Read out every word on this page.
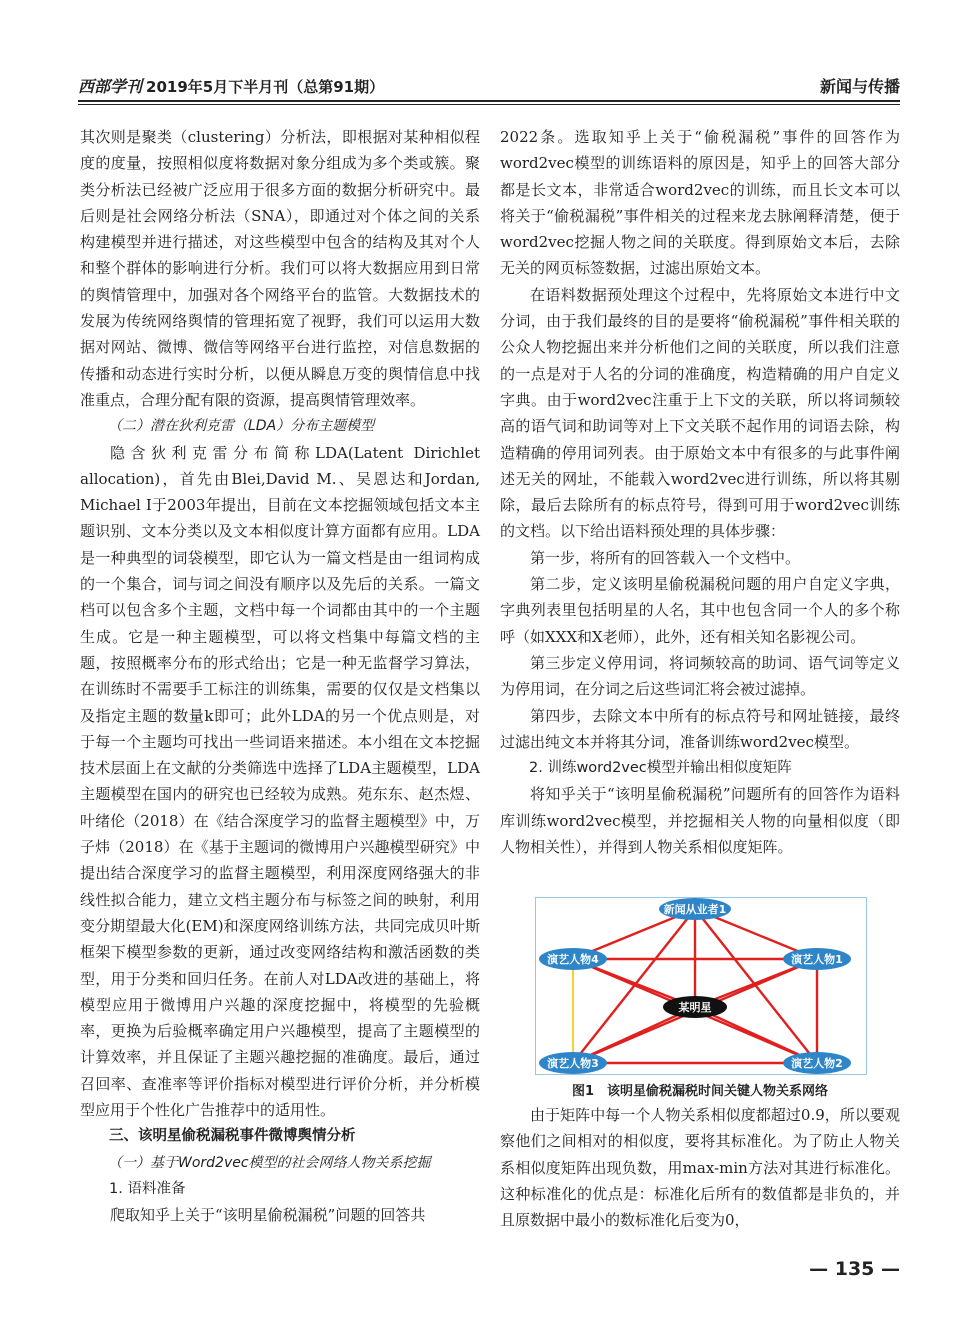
西部学刊 2019年5月下半月刊（总第91期）	新闻与传播

其次则是聚类（clustering）分析法，即根据对某种相似程度的度量，按照相似度将数据对象分组成为多个类或簇。聚类分析法已经被广泛应用于很多方面的数据分析研究中。最后则是社会网络分析法（SNA），即通过对个体之间的关系构建模型并进行描述，对这些模型中包含的结构及其对个人和整个群体的影响进行分析。我们可以将大数据应用到日常的舆情管理中，加强对各个网络平台的监管。大数据技术的发展为传统网络舆情的管理拓宽了视野，我们可以运用大数据对网站、微博、微信等网络平台进行监控，对信息数据的传播和动态进行实时分析，以便从瞬息万变的舆情信息中找准重点，合理分配有限的资源，提高舆情管理效率。

（二）潜在狄利克雷（LDA）分布主题模型

隐含狄利克雷分布简称LDA(Latent Dirichlet allocation)，首先由Blei,David M.、吴恩达和Jordan, Michael I于2003年提出，目前在文本挖掘领域包括文本主题识别、文本分类以及文本相似度计算方面都有应用。LDA是一种典型的词袋模型，即它认为一篇文档是由一组词构成的一个集合，词与词之间没有顺序以及先后的关系。一篇文档可以包含多个主题，文档中每一个词都由其中的一个主题生成。它是一种主题模型，可以将文档集中每篇文档的主题，按照概率分布的形式给出；它是一种无监督学习算法，在训练时不需要手工标注的训练集，需要的仅仅是文档集以及指定主题的数量k即可；此外LDA的另一个优点则是，对于每一个主题均可找出一些词语来描述。本小组在文本挖掘技术层面上在文献的分类筛选中选择了LDA主题模型，LDA主题模型在国内的研究也已经较为成熟。苑东东、赵杰煜、叶绪伦（2018）在《结合深度学习的监督主题模型》中，万子炜（2018）在《基于主题词的微博用户兴趣模型研究》中提出结合深度学习的监督主题模型，利用深度网络强大的非线性拟合能力，建立文档主题分布与标签之间的映射，利用变分期望最大化(EM)和深度网络训练方法，共同完成贝叶斯框架下模型参数的更新，通过改变网络结构和激活函数的类型，用于分类和回归任务。在前人对LDA改进的基础上，将模型应用于微博用户兴趣的深度挖掘中，将模型的先验概率，更换为后验概率确定用户兴趣模型，提高了主题模型的计算效率，并且保证了主题兴趣挖掘的准确度。最后，通过召回率、查准率等评价指标对模型进行评价分析，并分析模型应用于个性化广告推荐中的适用性。

三、该明星偷税漏税事件微博舆情分析

（一）基于Word2vec模型的社会网络人物关系挖掘

1. 语料准备

爬取知乎上关于“该明星偷税漏税”问题的回答共

2022条。选取知乎上关于“偷税漏税”事件的回答作为word2vec模型的训练语料的原因是，知乎上的回答大部分都是长文本，非常适合word2vec的训练，而且长文本可以将关于“偷税漏税”事件相关的过程来龙去脉阐释清楚，便于word2vec挖掘人物之间的关联度。得到原始文本后，去除无关的网页标签数据，过滤出原始文本。

在语料数据预处理这个过程中，先将原始文本进行中文分词，由于我们最终的目的是要将“偷税漏税”事件相关联的公众人物挖掘出来并分析他们之间的关联度，所以我们注意的一点是对于人名的分词的准确度，构造精确的用户自定义字典。由于word2vec注重于上下文的关联，所以将词频较高的语气词和助词等对上下文关联不起作用的词语去除，构造精确的停用词列表。由于原始文本中有很多的与此事件阐述无关的网址，不能载入word2vec进行训练，所以将其剔除，最后去除所有的标点符号，得到可用于word2vec训练的文档。以下给出语料预处理的具体步骤：

第一步，将所有的回答载入一个文档中。

第二步，定义该明星偷税漏税问题的用户自定义字典，字典列表里包括明星的人名，其中也包含同一个人的多个称呼（如XXX和X老师），此外，还有相关知名影视公司。

第三步定义停用词，将词频较高的助词、语气词等定义为停用词，在分词之后这些词汇将会被过滤掉。

第四步，去除文本中所有的标点符号和网址链接，最终过滤出纯文本并将其分词，准备训练word2vec模型。

2. 训练word2vec模型并输出相似度矩阵

将知乎关于“该明星偷税漏税”问题所有的回答作为语料库训练word2vec模型，并挖掘相关人物的向量相似度（即人物相关性），并得到人物关系相似度矩阵。

新闻从业者1
演艺人物4	演艺人物1
某明星
演艺人物3	演艺人物2
图1　该明星偷税漏税时间关键人物关系网络

由于矩阵中每一个人物关系相似度都超过0.9，所以要观察他们之间相对的相似度，要将其标准化。为了防止人物关系相似度矩阵出现负数，用max-min方法对其进行标准化。这种标准化的优点是：标准化后所有的数值都是非负的，并且原数据中最小的数标准化后变为0，

— 135 —
